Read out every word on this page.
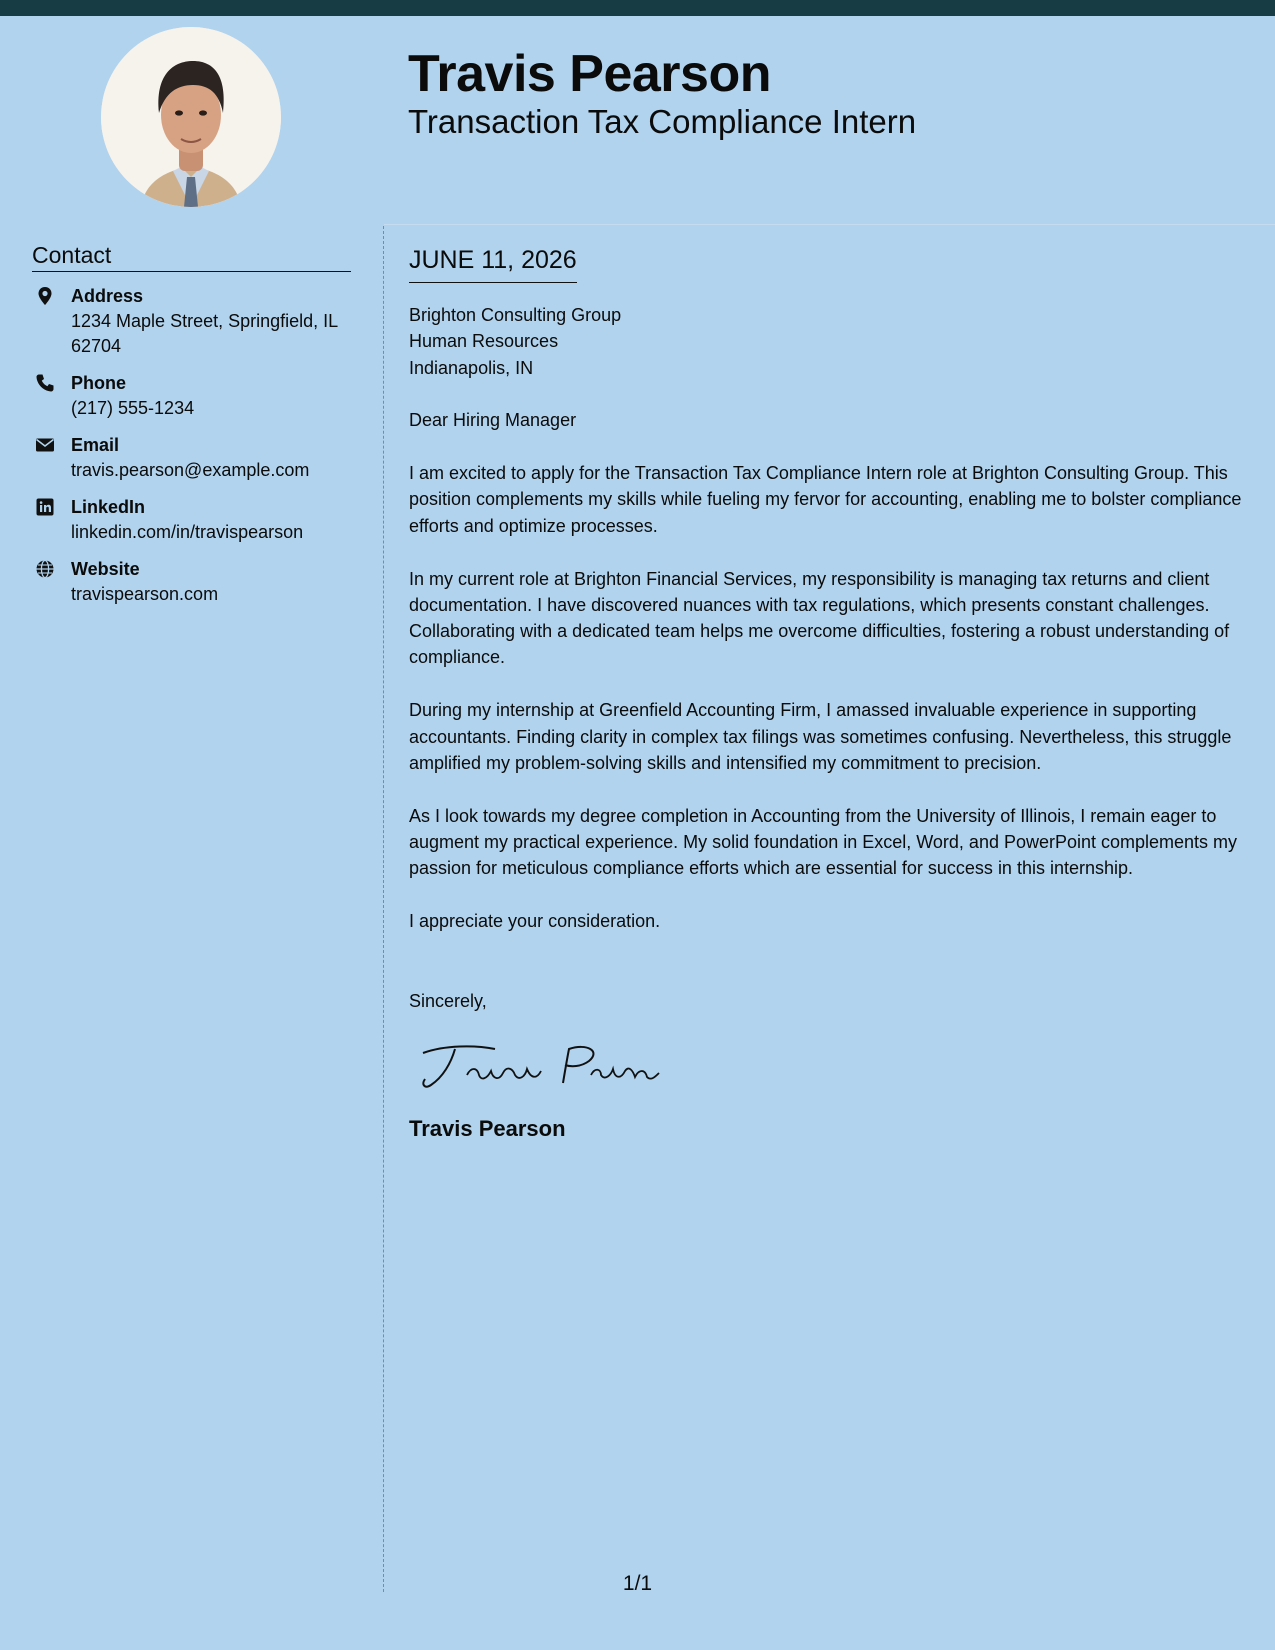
Travis Pearson
Transaction Tax Compliance Intern
Contact
Address
1234 Maple Street, Springfield, IL 62704
Phone
(217) 555-1234
Email
travis.pearson@example.com
LinkedIn
linkedin.com/in/travispearson
Website
travispearson.com
JUNE 11, 2026

Brighton Consulting Group
Human Resources
Indianapolis, IN

Dear Hiring Manager

I am excited to apply for the Transaction Tax Compliance Intern role at Brighton Consulting Group. This position complements my skills while fueling my fervor for accounting, enabling me to bolster compliance efforts and optimize processes.

In my current role at Brighton Financial Services, my responsibility is managing tax returns and client documentation. I have discovered nuances with tax regulations, which presents constant challenges. Collaborating with a dedicated team helps me overcome difficulties, fostering a robust understanding of compliance.

During my internship at Greenfield Accounting Firm, I amassed invaluable experience in supporting accountants. Finding clarity in complex tax filings was sometimes confusing. Nevertheless, this struggle amplified my problem-solving skills and intensified my commitment to precision.

As I look towards my degree completion in Accounting from the University of Illinois, I remain eager to augment my practical experience. My solid foundation in Excel, Word, and PowerPoint complements my passion for meticulous compliance efforts which are essential for success in this internship.

I appreciate your consideration.

Sincerely,

Travis Pearson
1/1
